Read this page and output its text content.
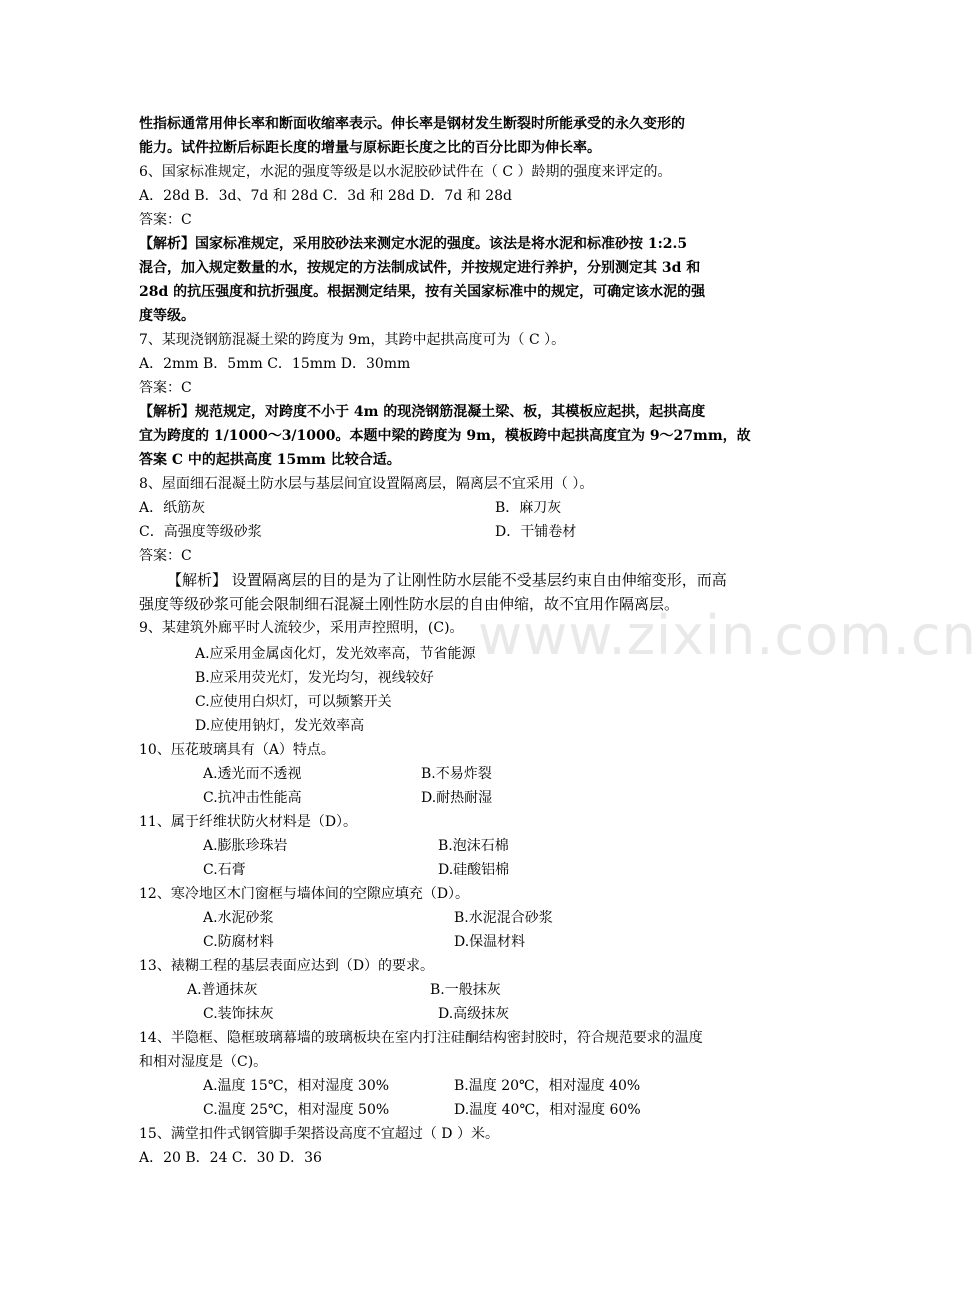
www.zixin.com.cn
性指标通常用伸长率和断面收缩率表示。伸长率是钢材发生断裂时所能承受的永久变形的
能力。试件拉断后标距长度的增量与原标距长度之比的百分比即为伸长率。
6、国家标准规定，水泥的强度等级是以水泥胶砂试件在（ C ）龄期的强度来评定的。
A．28d B．3d、7d 和 28d C．3d 和 28d D．7d 和 28d
答案：C
【解析】国家标准规定，采用胶砂法来测定水泥的强度。该法是将水泥和标准砂按 1:2.5
混合，加入规定数量的水，按规定的方法制成试件，并按规定进行养护，分别测定其 3d 和
28d 的抗压强度和抗折强度。根据测定结果，按有关国家标准中的规定，可确定该水泥的强
度等级。
7、某现浇钢筋混凝土梁的跨度为 9m，其跨中起拱高度可为（ C ）。
A．2mm B．5mm C．15mm D．30mm
答案：C
【解析】规范规定，对跨度不小于 4m 的现浇钢筋混凝土梁、板，其模板应起拱，起拱高度
宜为跨度的 1/1000～3/1000。本题中梁的跨度为 9m，模板跨中起拱高度宜为 9～27mm，故
答案 C 中的起拱高度 15mm 比较合适。
8、屋面细石混凝土防水层与基层间宜设置隔离层，隔离层不宜采用（ ）。
A．纸筋灰	B．麻刀灰
C．高强度等级砂浆	D．干铺卷材
答案：C
【解析】 设置隔离层的目的是为了让刚性防水层能不受基层约束自由伸缩变形，而高
强度等级砂浆可能会限制细石混凝土刚性防水层的自由伸缩，故不宜用作隔离层。
9、某建筑外廊平时人流较少，采用声控照明，(C)。
A.应采用金属卤化灯，发光效率高，节省能源
B.应采用荧光灯，发光均匀，视线较好
C.应使用白炽灯，可以频繁开关
D.应使用钠灯，发光效率高
10、压花玻璃具有（A）特点。
A.透光而不透视	B.不易炸裂
C.抗冲击性能高	D.耐热耐湿
11、属于纤维状防火材料是（D）。
A.膨胀珍珠岩	B.泡沫石棉
C.石膏	D.硅酸铝棉
12、寒冷地区木门窗框与墙体间的空隙应填充（D）。
A.水泥砂浆	B.水泥混合砂浆
C.防腐材料	D.保温材料
13、裱糊工程的基层表面应达到（D）的要求。
A.普通抹灰	B.一般抹灰
C.装饰抹灰	D.高级抹灰
14、半隐框、隐框玻璃幕墙的玻璃板块在室内打注硅酮结构密封胶时，符合规范要求的温度
和相对湿度是（C)。
A.温度 15℃，相对湿度 30%	B.温度 20℃，相对湿度 40%
C.温度 25℃，相对湿度 50%	D.温度 40℃，相对湿度 60%
15、满堂扣件式钢管脚手架搭设高度不宜超过（ D ）米。
A．20 B．24 C．30 D．36
